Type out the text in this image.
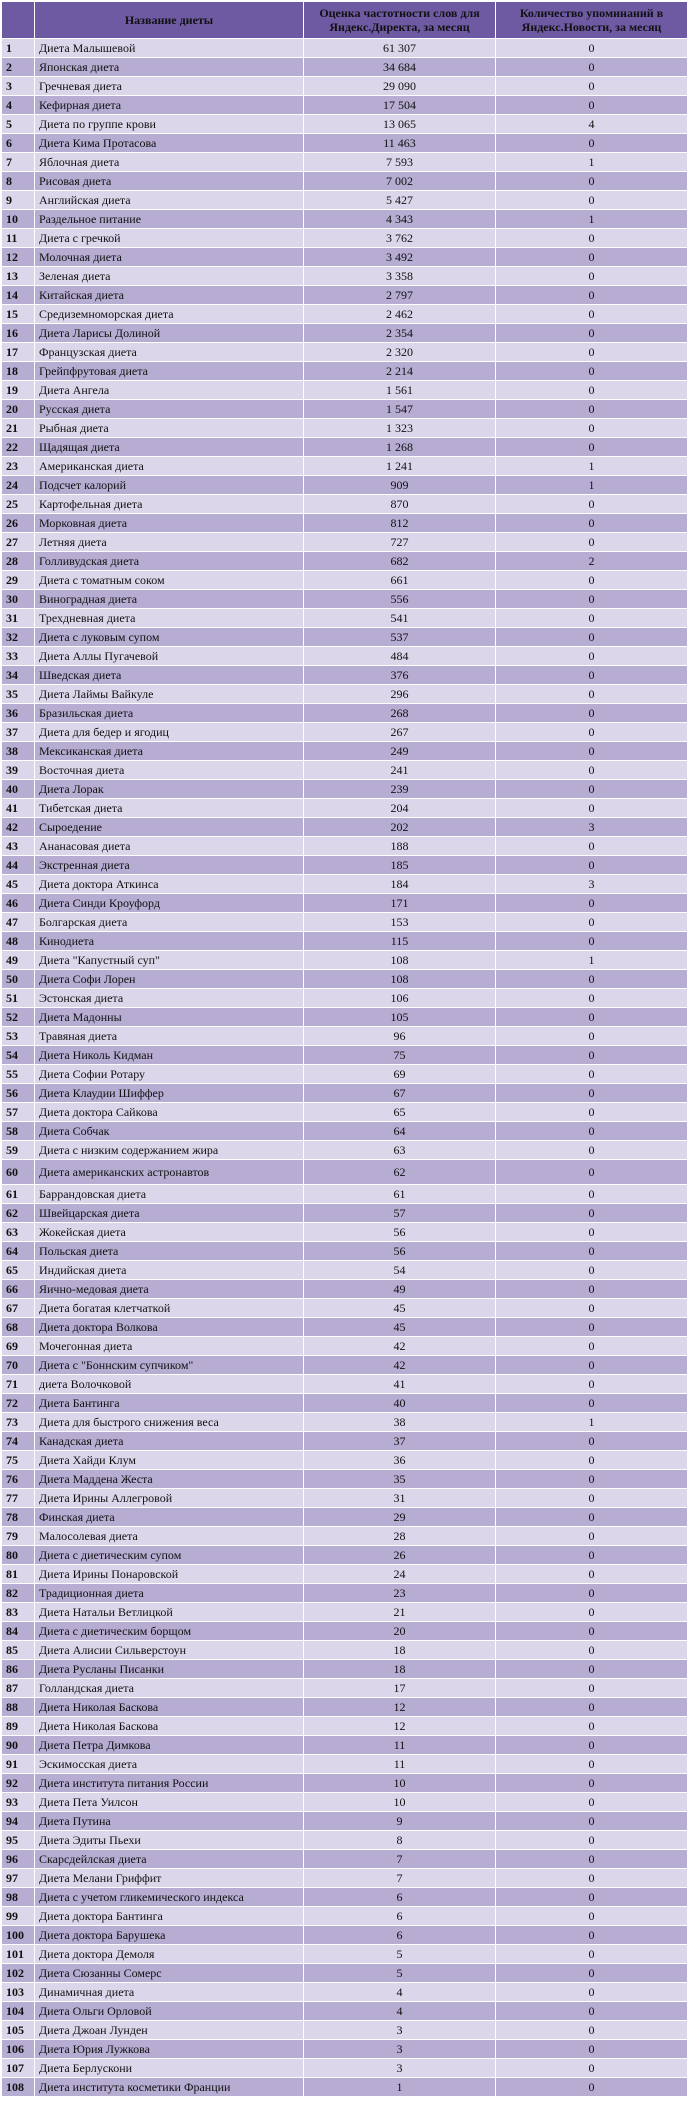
	Название диеты	Оценка частотности слов для Яндекс.Директа, за месяц	Количество упоминаний в Яндекс.Новости, за месяц
1	Диета Малышевой	61 307	0
2	Японская диета	34 684	0
3	Гречневая диета	29 090	0
4	Кефирная диета	17 504	0
5	Диета по группе крови	13 065	4
6	Диета Кима Протасова	11 463	0
7	Яблочная диета	7 593	1
8	Рисовая диета	7 002	0
9	Английская диета	5 427	0
10	Раздельное питание	4 343	1
11	Диета с гречкой	3 762	0
12	Молочная диета	3 492	0
13	Зеленая диета	3 358	0
14	Китайская диета	2 797	0
15	Средиземноморская диета	2 462	0
16	Диета Ларисы Долиной	2 354	0
17	Французская диета	2 320	0
18	Грейпфрутовая диета	2 214	0
19	Диета Ангела	1 561	0
20	Русская диета	1 547	0
21	Рыбная диета	1 323	0
22	Щадящая диета	1 268	0
23	Американская диета	1 241	1
24	Подсчет калорий	909	1
25	Картофельная диета	870	0
26	Морковная диета	812	0
27	Летняя диета	727	0
28	Голливудская диета	682	2
29	Диета с томатным соком	661	0
30	Виноградная диета	556	0
31	Трехдневная диета	541	0
32	Диета с луковым супом	537	0
33	Диета Аллы Пугачевой	484	0
34	Шведская диета	376	0
35	Диета Лаймы Вайкуле	296	0
36	Бразильская диета	268	0
37	Диета для бедер и ягодиц	267	0
38	Мексиканская диета	249	0
39	Восточная диета	241	0
40	Диета Лорак	239	0
41	Тибетская диета	204	0
42	Сыроедение	202	3
43	Ананасовая диета	188	0
44	Экстренная диета	185	0
45	Диета доктора Аткинса	184	3
46	Диета Синди Кроуфорд	171	0
47	Болгарская диета	153	0
48	Кинодиета	115	0
49	Диета "Капустный суп"	108	1
50	Диета Софи Лорен	108	0
51	Эстонская диета	106	0
52	Диета Мадонны	105	0
53	Травяная диета	96	0
54	Диета Николь Кидман	75	0
55	Диета Софии Ротару	69	0
56	Диета Клаудии Шиффер	67	0
57	Диета доктора Сайкова	65	0
58	Диета Собчак	64	0
59	Диета с низким содержанием жира	63	0
60	Диета американских астронавтов	62	0
61	Баррандовская диета	61	0
62	Швейцарская диета	57	0
63	Жокейская диета	56	0
64	Польская диета	56	0
65	Индийская диета	54	0
66	Яично-медовая диета	49	0
67	Диета богатая клетчаткой	45	0
68	Диета доктора Волкова	45	0
69	Мочегонная диета	42	0
70	Диета с "Боннским супчиком"	42	0
71	диета Волочковой	41	0
72	Диета Бантинга	40	0
73	Диета для быстрого снижения веса	38	1
74	Канадская диета	37	0
75	Диета Хайди Клум	36	0
76	Диета Маддена Жеста	35	0
77	Диета Ирины Аллегровой	31	0
78	Финская диета	29	0
79	Малосолевая диета	28	0
80	Диета с диетическим супом	26	0
81	Диета Ирины Понаровской	24	0
82	Традиционная диета	23	0
83	Диета Натальи Ветлицкой	21	0
84	Диета с диетическим борщом	20	0
85	Диета Алисии Сильверстоун	18	0
86	Диета Русланы Писанки	18	0
87	Голландская диета	17	0
88	Диета Николая Баскова	12	0
89	Диета Николая Баскова	12	0
90	Диета Петра Димкова	11	0
91	Эскимосская диета	11	0
92	Диета института питания России	10	0
93	Диета Пета Уилсон	10	0
94	Диета Путина	9	0
95	Диета Эдиты Пьехи	8	0
96	Скарсдейлская диета	7	0
97	Диета Мелани Гриффит	7	0
98	Диета с учетом гликемического индекса	6	0
99	Диета доктора Бантинга	6	0
100	Диета доктора Барушека	6	0
101	Диета доктора Демоля	5	0
102	Диета Сюзанны Сомерс	5	0
103	Динамичная диета	4	0
104	Диета Ольги Орловой	4	0
105	Диета Джоан Лунден	3	0
106	Диета Юрия Лужкова	3	0
107	Диета Берлускони	3	0
108	Диета института косметики Франции	1	0
